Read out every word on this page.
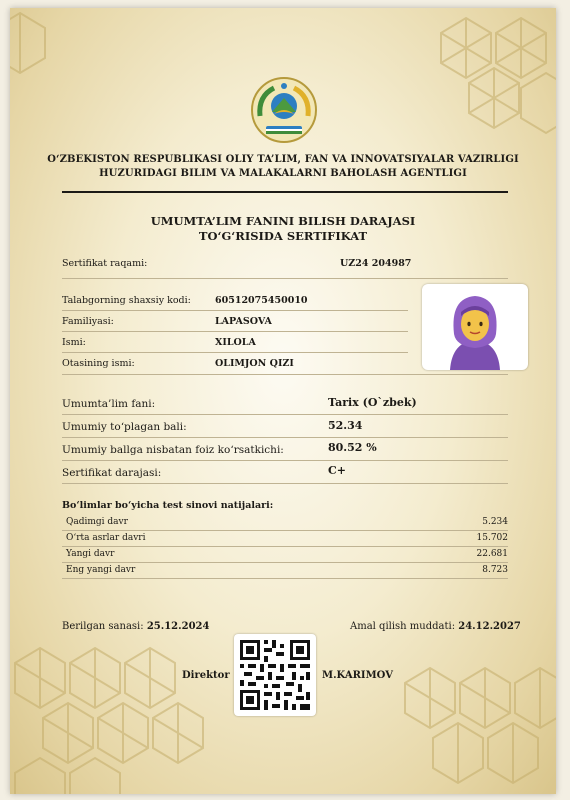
O‘ZBEKISTON RESPUBLIKASI OLIY TA’LIM, FAN VA INNOVATSIYALAR VAZIRLIGI
HUZURIDAGI BILIM VA MALAKALARNI BAHOLASH AGENTLIGI
UMUMTA’LIM FANINI BILISH DARAJASI
TO‘G‘RISIDA SERTIFIKAT
Sertifikat raqami:	UZ24 204987
Talabgorning shaxsiy kodi:	60512075450010
Familiyasi:	LAPASOVA
Ismi:	XILOLA
Otasining ismi:	OLIMJON QIZI
Umumta’lim fani:	Tarix (O`zbek)
Umumiy to‘plagan bali:	52.34
Umumiy ballga nisbatan foiz ko‘rsatkichi:	80.52 %
Sertifikat darajasi:	C+
Bo‘limlar bo‘yicha test sinovi natijalari:
Qadimgi davr	5.234
O‘rta asrlar davri	15.702
Yangi davr	22.681
Eng yangi davr	8.723
Berilgan sanasi: 25.12.2024	Amal qilish muddati: 24.12.2027
Direktor	M.KARIMOV
